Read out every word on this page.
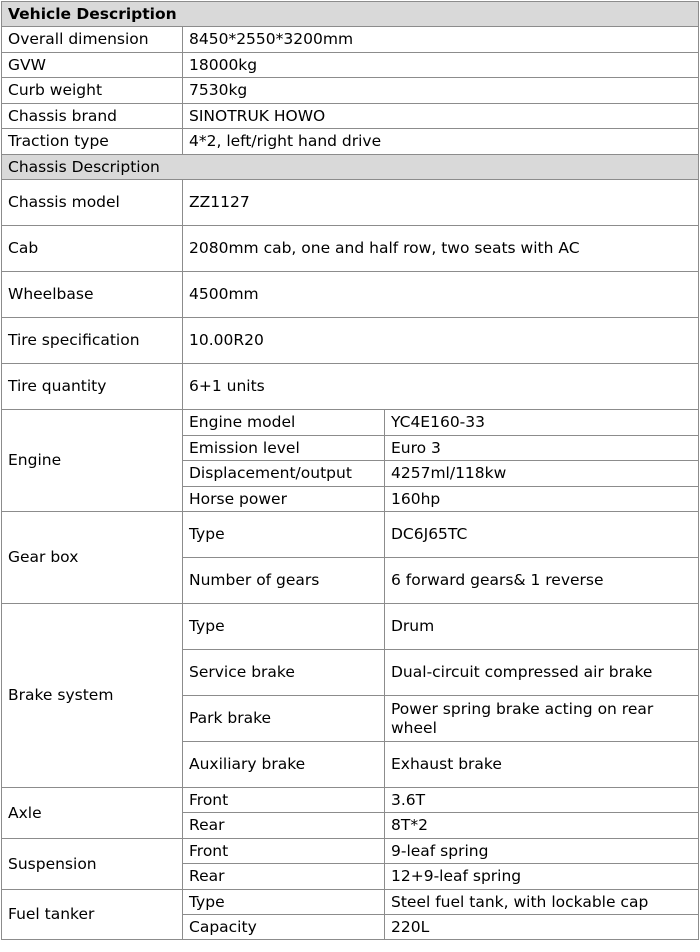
Vehicle Description		
Overall dimension	8450*2550*3200mm	
GVW	18000kg	
Curb weight	7530kg	
Chassis brand	SINOTRUK HOWO	
Traction type	4*2, left/right hand drive	
Chassis Description		
Chassis model	ZZ1127	
Cab	2080mm cab, one and half row, two seats with AC	
Wheelbase	4500mm	
Tire specification	10.00R20	
Tire quantity	6+1 units	
Engine	Engine model	YC4E160-33
	Emission level	Euro 3
	Displacement/output	4257ml/118kw
	Horse power	160hp
Gear box	Type	DC6J65TC
	Number of gears	6 forward gears& 1 reverse
Brake system	Type	Drum
	Service brake	Dual-circuit compressed air brake
	Park brake	Power spring brake acting on rear wheel
	Auxiliary brake	Exhaust brake
Axle	Front	3.6T
	Rear	8T*2
Suspension	Front	9-leaf spring
	Rear	12+9-leaf spring
Fuel tanker	Type	Steel fuel tank, with lockable cap
	Capacity	220L
